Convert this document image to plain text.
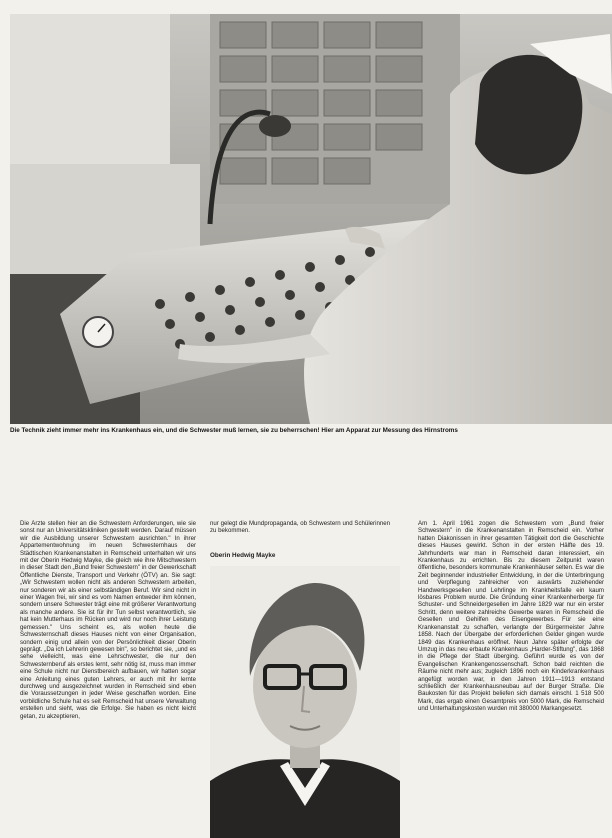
Die Technik zieht immer mehr ins Krankenhaus ein, und die Schwester muß lernen, sie zu beherrschen! Hier am Apparat zur Messung des Hirnstroms

Die Ärzte stellen hier an die Schwestern Anforderungen, wie sie sonst nur an Universitätskliniken gestellt werden. Darauf müssen wir die Ausbildung unserer Schwestern ausrichten." In ihrer Appartementwohnung im neuen Schwesternhaus der Städtischen Krankenanstalten in Remscheid unterhalten wir uns mit der Oberin Hedwig Mayke, die gleich wie ihre Mitschwestern in dieser Stadt den „Bund freier Schwestern" in der Gewerkschaft Öffentliche Dienste, Transport und Verkehr (ÖTV) an. Sie sagt: „Wir Schwestern wollen nicht als anderen Schwestern arbeiten, nur sonderen wir als einer selbständigen Beruf. Wir sind nicht in einer Wagen frei, wir sind es vom Namen entweder ihm können, sondern unsere Schwester trägt eine mit größerer Verantwortung als manche andere. Sie ist für ihr Tun selbst verantwortlich, sie hat kein Mutterhaus im Rücken und wird nur noch ihrer Leistung gemessen." Uns scheint es, als wollen heute die Schwesternschaft dieses Hauses nicht von einer Organisation, sondern einig und allein von der Persönlichkeit dieser Oberin geprägt. „Da ich Lehrerin gewesen bin", so berichtet sie, „und es sehe vielleicht, was eine Lehrschwester, die nur den Schwesternberuf als erstes lernt, sehr nötig ist, muss man immer eine Schule nicht nur Dienstbereich aufbauen, wir hatten sogar eine Anleitung eines guten Lehrers, er auch mit ihr lernte durchweg und ausgezeichnet wurden in Remscheid sind eben die Voraussetzungen in jeder Weise geschaffen worden. Eine vorbildliche Schule hat es seit Remscheid hat unsere Verwaltung erstellen und sieht, was die Erfolge. Sie haben es nicht leicht getan, zu akzeptieren,

nur gelegt die Mundpropaganda, ob Schwestern und Schülerinnen zu bekommen.

Oberin Hedwig Mayke

Am 1. April 1961 zogen die Schwestern vom „Bund freier Schwestern" in die Krankenanstalten in Remscheid ein. Vorher hatten Diakonissen in ihrer gesamten Tätigkeit dort die Geschichte dieses Hauses gewirkt. Schon in der ersten Hälfte des 19. Jahrhunderts war man in Remscheid daran interessiert, ein Krankenhaus zu errichten. Bis zu diesem Zeitpunkt waren öffentliche, besonders kommunale Krankenhäuser selten. Es war die Zeit beginnender industrieller Entwicklung, in der die Unterbringung und Verpflegung zahlreicher von auswärts zuziehender Handwerksgesellen und Lehrlinge im Krankheitsfalle ein kaum lösbares Problem wurde. Die Gründung einer Krankenherberge für Schuster- und Schneidergesellen im Jahre 1829 war nur ein erster Schritt, denn weitere zahlreiche Gewerbe waren in Remscheid die Gesellen und Gehilfen des Eisengewerbes. Für sie eine Krankenanstalt zu schaffen, verlangte der Bürgermeister Jahre 1858. Nach der Übergabe der erforderlichen Gelder gingen wurde 1849 das Krankenhaus eröffnet. Neun Jahre später erfolgte der Umzug in das neu erbaute Krankenhaus „Harder-Stiftung", das 1868 in die Pflege der Stadt überging. Geführt wurde es von der Evangelischen Krankengenossenschaft. Schon bald reichten die Räume nicht mehr aus; zugleich 1896 noch ein Kinderkrankenhaus angefügt worden war, in den Jahren 1911—1913 entstand schließlich der Krankenhausneubau auf der Burger Straße. Die Baukosten für das Projekt beliefen sich damals einschl. 1 518 500 Mark, das ergab einen Gesamtpreis von 5000 Mark, die Remscheid und Unterhaltungskosten wurden mit 380000 Markangesetzt.
